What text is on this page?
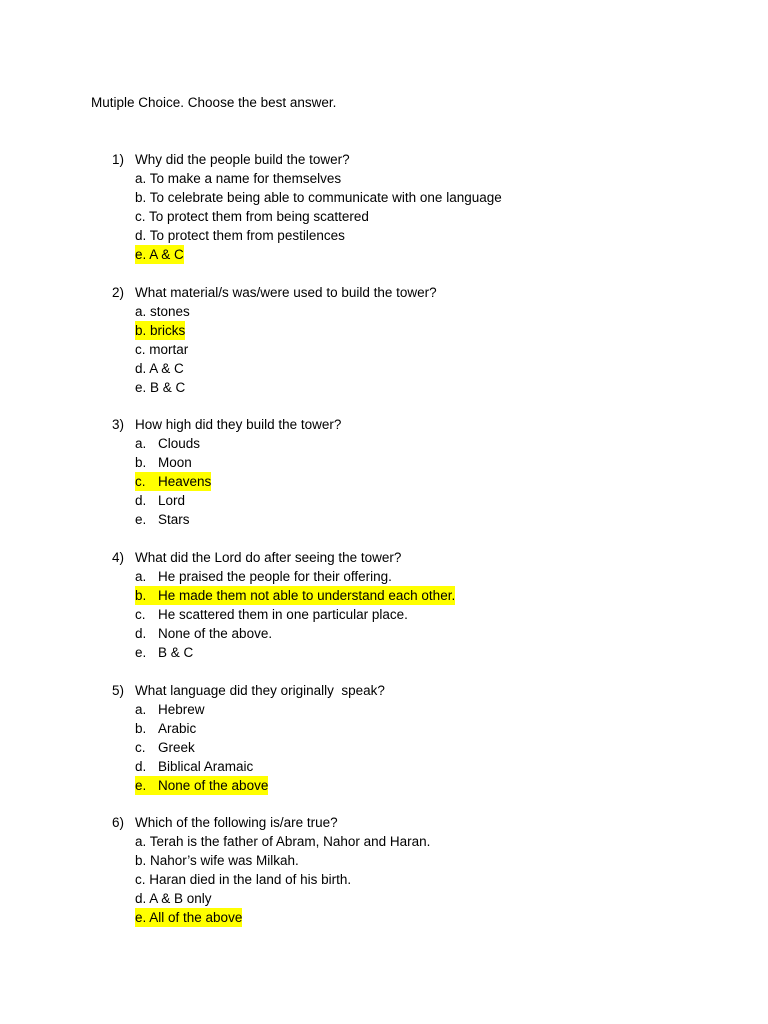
Mutiple Choice. Choose the best answer.
1) Why did the people build the tower?
a. To make a name for themselves
b. To celebrate being able to communicate with one language
c. To protect them from being scattered
d. To protect them from pestilences
e. A & C
2) What material/s was/were used to build the tower?
a. stones
b. bricks
c. mortar
d. A & C
e. B & C
3) How high did they build the tower?
a. Clouds
b. Moon
c. Heavens
d. Lord
e. Stars
4) What did the Lord do after seeing the tower?
a. He praised the people for their offering.
b. He made them not able to understand each other.
c. He scattered them in one particular place.
d. None of the above.
e. B & C
5) What language did they originally  speak?
a. Hebrew
b. Arabic
c. Greek
d. Biblical Aramaic
e. None of the above
6) Which of the following is/are true?
a. Terah is the father of Abram, Nahor and Haran.
b. Nahor’s wife was Milkah.
c. Haran died in the land of his birth.
d. A & B only
e. All of the above
